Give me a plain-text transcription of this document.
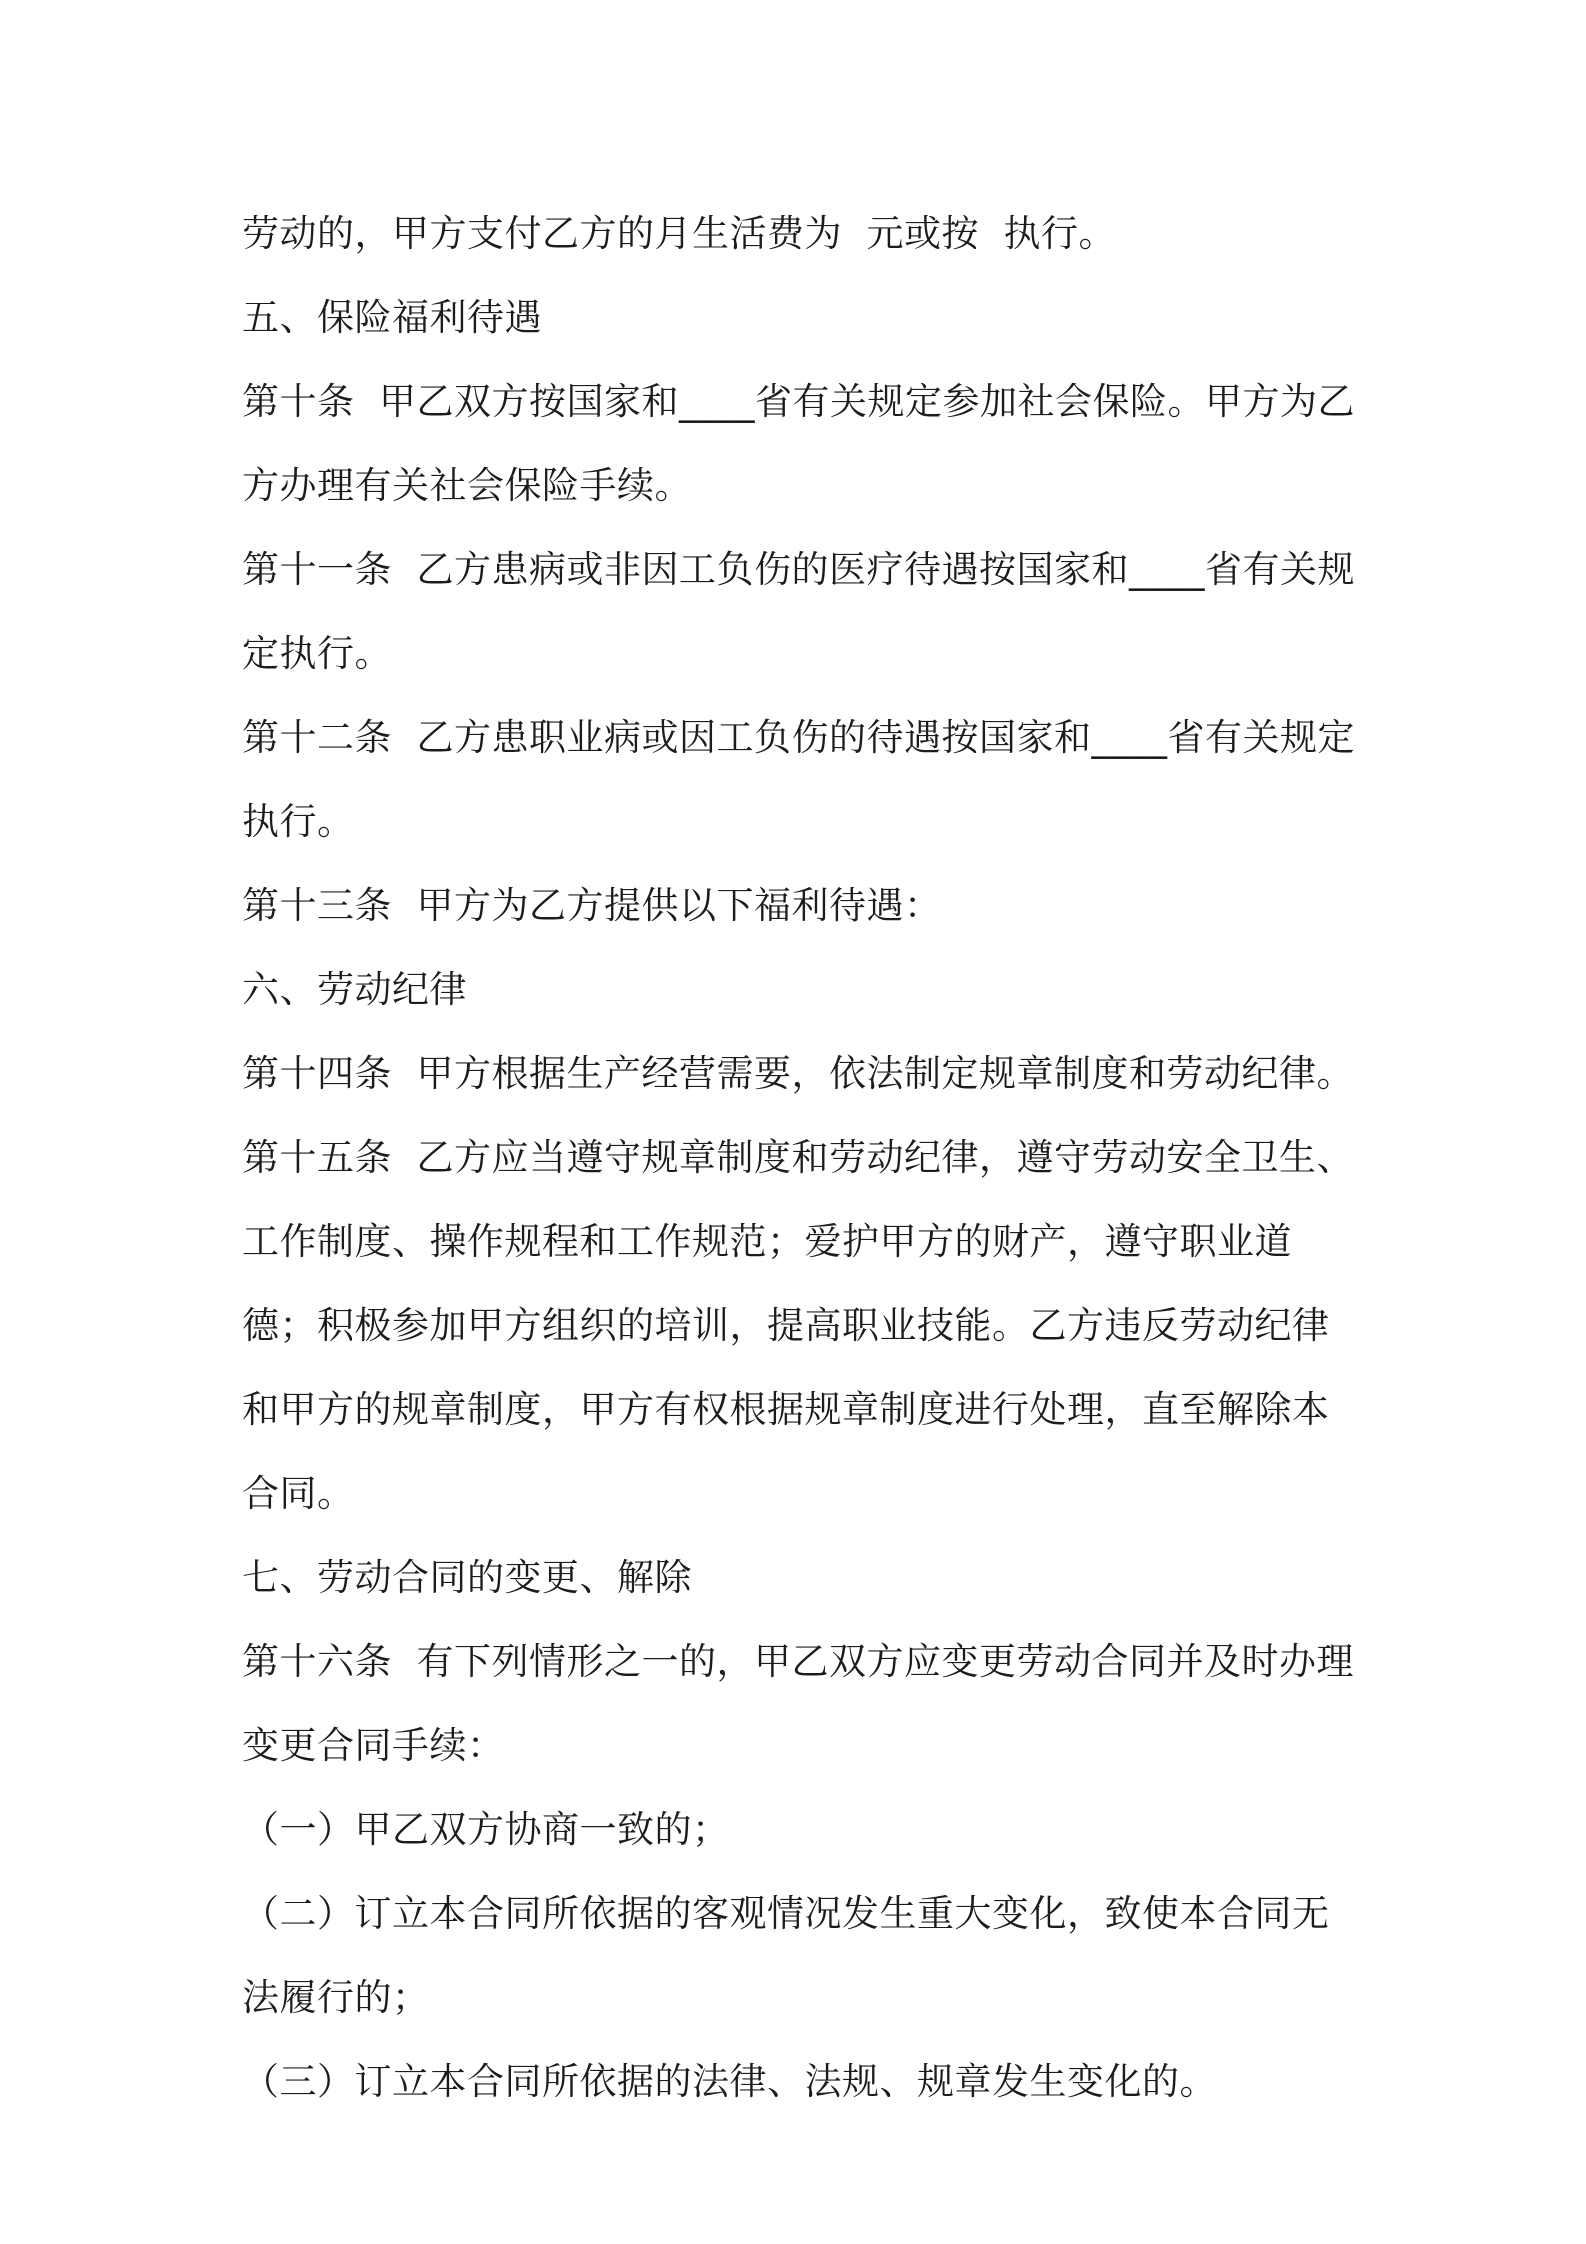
劳动的，甲方支付乙方的月生活费为  元或按  执行。

五、保险福利待遇

第十条  甲乙双方按国家和____省有关规定参加社会保险。甲方为乙方办理有关社会保险手续。

第十一条  乙方患病或非因工负伤的医疗待遇按国家和____省有关规定执行。

第十二条  乙方患职业病或因工负伤的待遇按国家和____省有关规定执行。

第十三条  甲方为乙方提供以下福利待遇：

六、劳动纪律

第十四条  甲方根据生产经营需要，依法制定规章制度和劳动纪律。

第十五条  乙方应当遵守规章制度和劳动纪律，遵守劳动安全卫生、工作制度、操作规程和工作规范；爱护甲方的财产，遵守职业道德；积极参加甲方组织的培训，提高职业技能。乙方违反劳动纪律和甲方的规章制度，甲方有权根据规章制度进行处理，直至解除本合同。

七、劳动合同的变更、解除

第十六条  有下列情形之一的，甲乙双方应变更劳动合同并及时办理变更合同手续：

（一）甲乙双方协商一致的；

（二）订立本合同所依据的客观情况发生重大变化，致使本合同无法履行的；

（三）订立本合同所依据的法律、法规、规章发生变化的。
